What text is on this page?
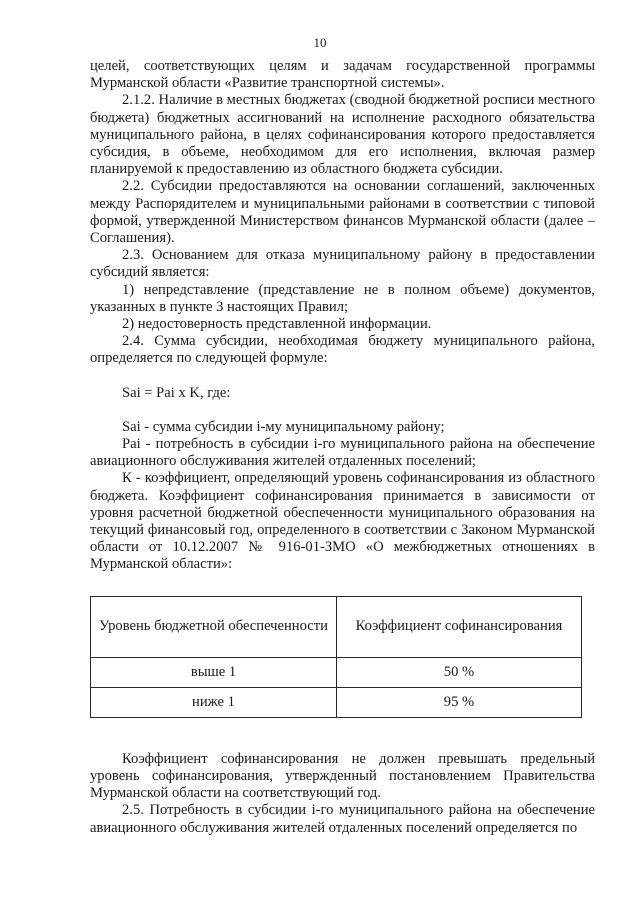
10

целей, соответствующих целям и задачам государственной программы Мурманской области «Развитие транспортной системы».

2.1.2. Наличие в местных бюджетах (сводной бюджетной росписи местного бюджета) бюджетных ассигнований на исполнение расходного обязательства муниципального района, в целях софинансирования которого предоставляется субсидия, в объеме, необходимом для его исполнения, включая размер планируемой к предоставлению из областного бюджета субсидии.

2.2. Субсидии предоставляются на основании соглашений, заключенных между Распорядителем и муниципальными районами в соответствии с типовой формой, утвержденной Министерством финансов Мурманской области (далее – Соглашения).

2.3. Основанием для отказа муниципальному району в предоставлении субсидий является:

1) непредставление (представление не в полном объеме) документов, указанных в пункте 3 настоящих Правил;

2) недостоверность представленной информации.

2.4. Сумма субсидии, необходимая бюджету муниципального района, определяется по следующей формуле:

Sai = Pai x K, где:

Sai - сумма субсидии i-му муниципальному району;

Pai - потребность в субсидии i-го муниципального района на обеспечение авиационного обслуживания жителей отдаленных поселений;

К - коэффициент, определяющий уровень софинансирования из областного бюджета. Коэффициент софинансирования принимается в зависимости от уровня расчетной бюджетной обеспеченности муниципального образования на текущий финансовый год, определенного в соответствии с Законом Мурманской области от 10.12.2007 № 916-01-ЗМО «О межбюджетных отношениях в Мурманской области»:

Уровень бюджетной обеспеченности	Коэффициент софинансирования
выше 1	50 %
ниже 1	95 %

Коэффициент софинансирования не должен превышать предельный уровень софинансирования, утвержденный постановлением Правительства Мурманской области на соответствующий год.

2.5. Потребность в субсидии i-го муниципального района на обеспечение авиационного обслуживания жителей отдаленных поселений определяется по
